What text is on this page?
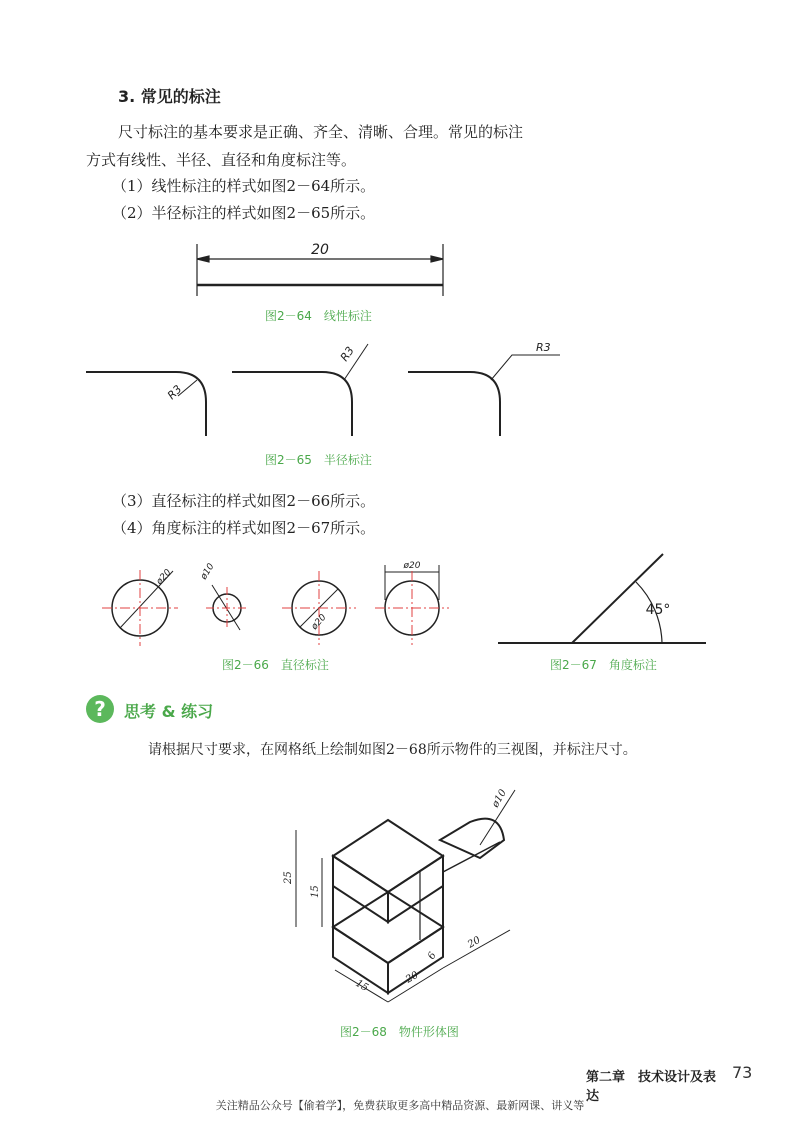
3. 常见的标注
尺寸标注的基本要求是正确、齐全、清晰、合理。常见的标注
方式有线性、半径、直径和角度标注等。
（1）线性标注的样式如图2－64所示。
（2）半径标注的样式如图2－65所示。
20
R3
R3	R3
ø20	ø10
ø20
ø20
45°
ø10
25
15
15
20
6
20
图2－64　线性标注
图2－65　半径标注
（3）直径标注的样式如图2－66所示。
（4）角度标注的样式如图2－67所示。
图2－66　直径标注	图2－67　角度标注
?	思考 & 练习
请根据尺寸要求，在网格纸上绘制如图2－68所示物件的三视图，并标注尺寸。
图2－68　物件形体图
第二章　技术设计及表达
73
关注精品公众号【偷着学】，免费获取更多高中精品资源、最新网课、讲义等
